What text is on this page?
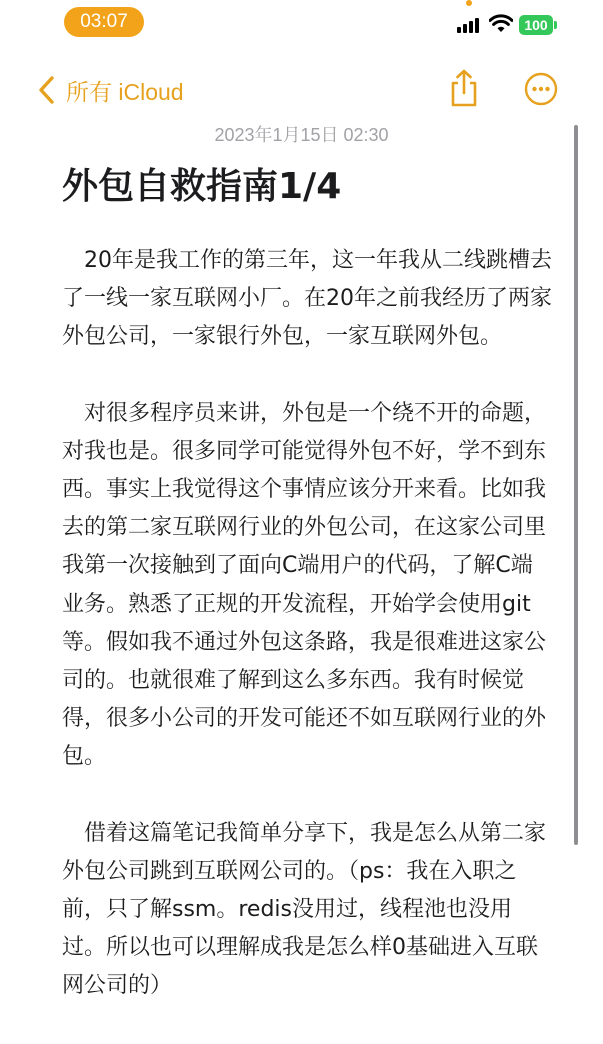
03:07	100
所有 iCloud
2023年1月15日 02:30
外包自救指南1/4

20年是我工作的第三年，这一年我从二线跳槽去了一线一家互联网小厂。在20年之前我经历了两家外包公司，一家银行外包，一家互联网外包。

对很多程序员来讲，外包是一个绕不开的命题，对我也是。很多同学可能觉得外包不好，学不到东西。事实上我觉得这个事情应该分开来看。比如我去的第二家互联网行业的外包公司，在这家公司里我第一次接触到了面向C端用户的代码，了解C端业务。熟悉了正规的开发流程，开始学会使用git等。假如我不通过外包这条路，我是很难进这家公司的。也就很难了解到这么多东西。我有时候觉得，很多小公司的开发可能还不如互联网行业的外包。

借着这篇笔记我简单分享下，我是怎么从第二家外包公司跳到互联网公司的。（ps：我在入职之前，只了解ssm。redis没用过，线程池也没用过。所以也可以理解成我是怎么样0基础进入互联网公司的）
